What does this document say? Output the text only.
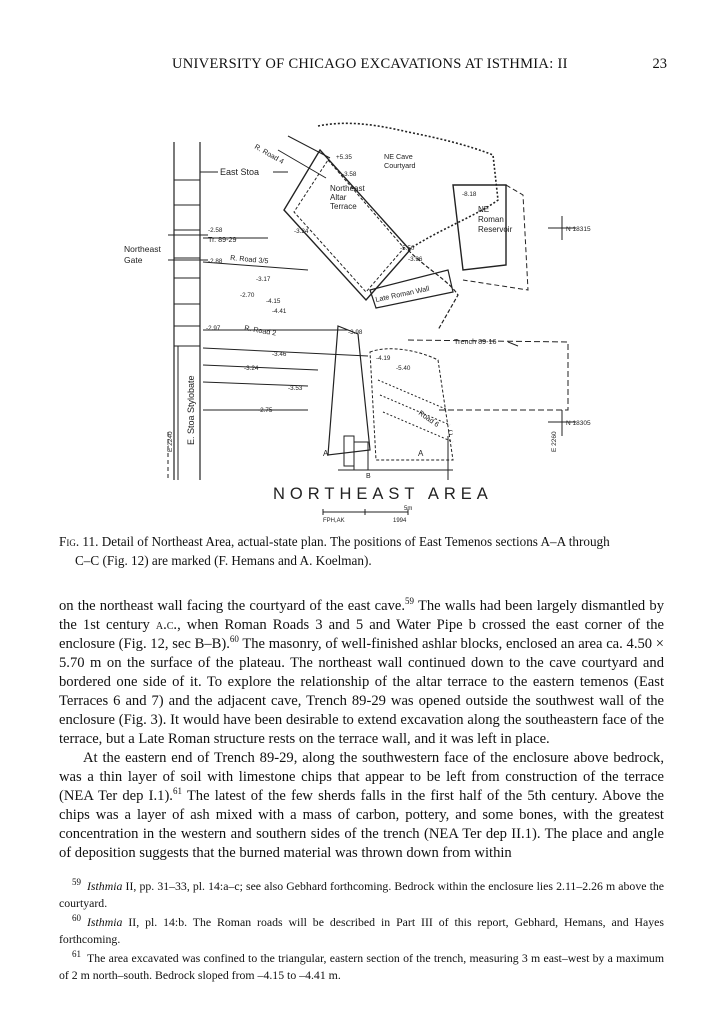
UNIVERSITY OF CHICAGO EXCAVATIONS AT ISTHMIA: II	23
East Stoa
Northeast
Gate
E. Stoa Stylobate
E 2240	E 2260
N 18315
N 18305
NE Cave
Courtyard
Northeast
Altar
Terrace	NE
Roman
Reservoir
R. Road 4
R. Road 3/5
R. Road 2
Road 6
Tr. 89-29
Trench 89-16
Late Roman Wall
A	A
B
C
+5.35
-3.58
-8.18
-2.58	-3.24
-2.88
-3.17
-2.70
-4.15
-4.41
-5.50
-3.96
-2.97
-3.98
-3.46
-3.24
-4.19
-5.40
-3.53
-2.75
NORTHEAST AREA
5m
FPH,AK	1994
Fig. 11. Detail of Northeast Area, actual-state plan. The positions of East Temenos sections A–A through
C–C (Fig. 12) are marked (F. Hemans and A. Koelman).

on the northeast wall facing the courtyard of the east cave.$^{59}$ The walls had been largely dismantled by the 1st century a.c., when Roman Roads 3 and 5 and Water Pipe b crossed the east corner of the enclosure (Fig. 12, sec B–B).$^{60}$ The masonry, of well-finished ashlar blocks, enclosed an area ca. 4.50 × 5.70 m on the surface of the plateau. The northeast wall continued down to the cave courtyard and bordered one side of it. To explore the relationship of the altar terrace to the eastern temenos (East Terraces 6 and 7) and the adjacent cave, Trench 89-29 was opened outside the southwest wall of the enclosure (Fig. 3). It would have been desirable to extend excavation along the southeastern face of the terrace, but a Late Roman structure rests on the terrace wall, and it was left in place.

At the eastern end of Trench 89-29, along the southwestern face of the enclosure above bedrock, was a thin layer of soil with limestone chips that appear to be left from construction of the terrace (NEA Ter dep I.1).$^{61}$ The latest of the few sherds falls in the first half of the 5th century. Above the chips was a layer of ash mixed with a mass of carbon, pottery, and some bones, with the greatest concentration in the western and southern sides of the trench (NEA Ter dep II.1). The place and angle of deposition suggests that the burned material was thrown down from within

$^{59}$ Isthmia II, pp. 31–33, pl. 14:a–c; see also Gebhard forthcoming. Bedrock within the enclosure lies 2.11–2.26 m above the courtyard.

$^{60}$ Isthmia II, pl. 14:b. The Roman roads will be described in Part III of this report, Gebhard, Hemans, and Hayes forthcoming.

$^{61}$ The area excavated was confined to the triangular, eastern section of the trench, measuring 3 m east–west by a maximum of 2 m north–south. Bedrock sloped from –4.15 to –4.41 m.
